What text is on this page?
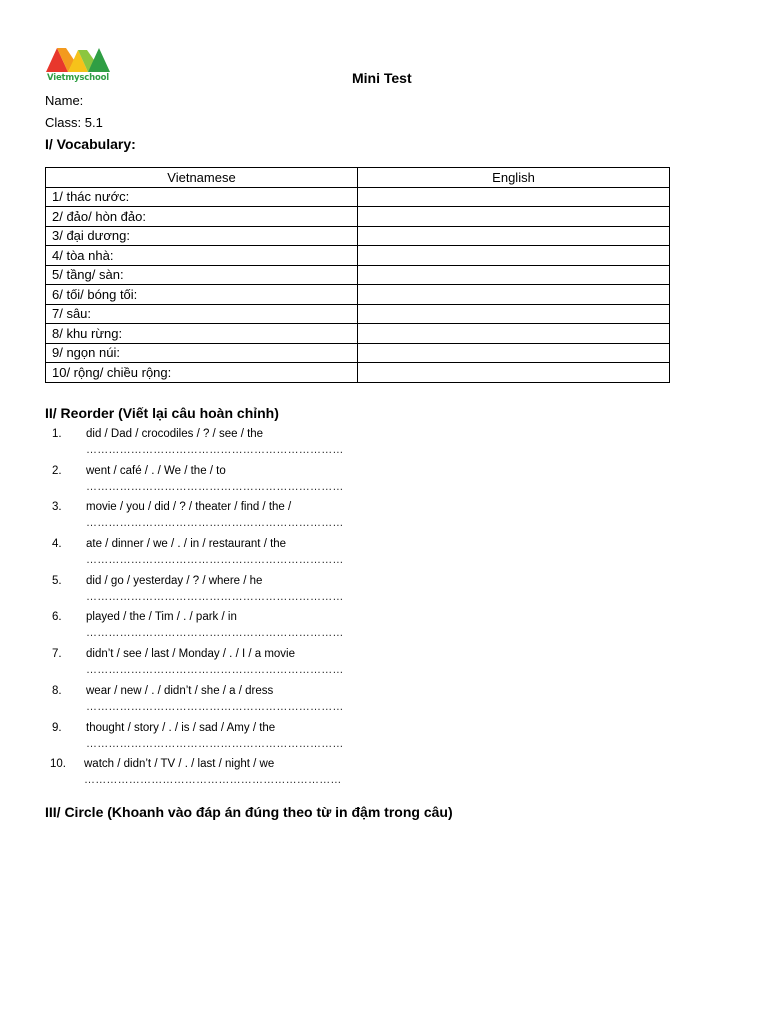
Vietmyschool	Mini Test
Name:
Class: 5.1
I/ Vocabulary:
Vietnamese	English
1/ thác nước:	
2/ đảo/ hòn đảo:	
3/ đại dương:	
4/ tòa nhà:	
5/ tầng/ sàn:	
6/ tối/ bóng tối:	
7/ sâu:	
8/ khu rừng:	
9/ ngọn núi:	
10/ rộng/ chiều rộng:	
II/ Reorder (Viết lại câu hoàn chỉnh)
1. did / Dad / crocodiles / ? / see / the
……………………………………………………………
2. went / café / . / We / the / to
……………………………………………………………
3. movie / you / did / ? / theater / find / the /
……………………………………………………………
4. ate / dinner / we / . / in / restaurant / the
……………………………………………………………
5. did / go / yesterday / ? / where / he
……………………………………………………………
6. played / the / Tim / . / park / in
……………………………………………………………
7. didn’t / see / last / Monday / . / I / a movie
……………………………………………………………
8. wear / new / . / didn’t / she / a / dress
……………………………………………………………
9. thought / story / . / is / sad / Amy / the
……………………………………………………………
10. watch / didn’t / TV / . / last / night / we
……………………………………………………………
III/ Circle (Khoanh vào đáp án đúng theo từ in đậm trong câu)
